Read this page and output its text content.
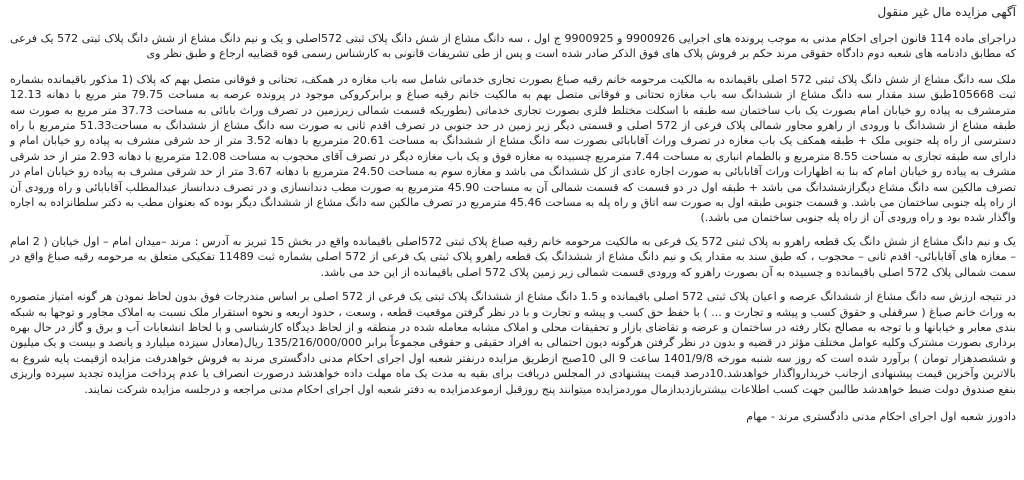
آگهی مزایده مال غیر منقول

دراجرای ماده 114 قانون اجرای احکام مدنی به موجب پرونده های اجرایی 9900926 و 9900925 ج اول ، سه دانگ مشاع از شش دانگ پلاک ثبتی 572اصلی و یک و نیم دانگ مشاع از شش دانگ پلاک ثبتی 572 یک فرعی که مطابق دادنامه های شعبه دوم دادگاه حقوقی مرند حکم بر فروش پلاک های فوق الذکر صادر شده است و پس از طی تشریفات قانونی به کارشناس رسمی قوه قضاییه ارجاع و طبق نظر وی

ملک سه دانگ مشاع از شش دانگ پلاک ثبتی 572 اصلی باقیمانده به مالکیت مرحومه خانم رقیه صباغ بصورت تجاری خدماتی شامل سه باب مغازه در همکف، تحتانی و فوقانی متصل بهم که پلاک (1 مذکور باقیمانده بشماره ثبت 105668طبق سند مقدار سه دانگ مشاع از ششدانگ سه باب مغازه تحتانی و فوقانی متصل بهم به مالکیت خانم رقیه صباغ و برابرکروکی موجود در پرونده عرصه به مساحت 79.75 متر مربع با دهانه 12.13 مترمشرف به پیاده رو خیابان امام بصورت یک باب ساختمان سه طبقه با اسکلت مختلط فلزی بصورت تجاری خدماتی (بطوریکه قسمت شمالی زیرزمین در تصرف وراث بابائی به مساحت 37.73 متر مربع به صورت سه طبقه مشاع از ششدانگ با ورودی از راهرو مجاور شمالی پلاک فرعی از 572 اصلی و قسمتی دیگر زیر زمین در حد جنوبی در تصرف اقدم ثانی به صورت سه دانگ مشاع از ششدانگ به مساحت51.33 مترمربع با راه دسترسی از راه پله جنوبی ملک + طبقه همکف یک باب مغازه در تصرف وراث آقابابائی بصورت سه دانگ مشاع از ششدانگ به مساحت 20.61 مترمربع با دهانه 3.52 متر از حد شرقی مشرف به پیاده رو خیابان امام و دارای سه طبقه تجاری به مساحت 8.55 مترمربع و بالطمام انباری به مساحت 7.44 مترمربع چسبیده به مغازه فوق و یک باب مغازه دیگر در تصرف آقای محجوب به مساحت 12.08 مترمربع با دهانه 2.93 متر از حد شرقی مشرف به پیاده رو خیابان امام که بنا به اظهارات وراث آقابابائی به صورت اجاره عادی از کل ششدانگ می باشد و مغازه سوم به مساحت 24.50 مترمربع با دهانه 3.67 متر از حد شرقی مشرف به پیاده رو خیابان امام در تصرف مالکین سه دانگ مشاع دیگرازششدانگ می باشد + طبقه اول در دو قسمت که قسمت شمالی آن به مساحت 45.90 مترمربع به صورت مطب دندانسازی و در تصرف دندانساز عبدالمطلب آقابابائی و راه ورودی آن از راه پله جنوبی ساختمان می باشد. و قسمت جنوبی طبقه اول به صورت سه اتاق و راه پله به مساحت 45.46 مترمربع در تصرف مالکین سه دانگ مشاع از ششدانگ دیگر بوده که بعنوان مطب به دکتر سلطانزاده به اجاره واگذار شده بود و راه ورودی آن از راه پله جنوبی ساختمان می باشد.)

یک و نیم دانگ مشاع از شش دانگ یک قطعه راهرو به پلاک ثبتی 572 یک فرعی به مالکیت مرحومه خانم رقیه صباغ پلاک ثبتی 572اصلی باقیمانده واقع در بخش 15 تبریز به آدرس : مرند –میدان امام – اول خیابان ( 2 امام – مغازه های آقابابائی- اقدم ثانی – محجوب ، که طبق سند به مقدار یک و نیم دانگ مشاع از ششدانگ یک قطعه راهرو پلاک ثبتی یک فرعی از 572 اصلی بشماره ثبت 11489 تفکیکی متعلق به مرحومه رقیه صباغ واقع در سمت شمالی پلاک 572 اصلی باقیمانده و چسبیده به آن بصورت راهرو که ورودی قسمت شمالی زیر زمین پلاک 572 اصلی باقیمانده از این حد می باشد.

در نتیجه ارزش سه دانگ مشاع از ششدانگ عرصه و اعیان پلاک ثبتی 572 اصلی باقیمانده و 1.5 دانگ مشاع از ششدانگ پلاک ثبتی یک فرعی از 572 اصلی بر اساس مندرجات فوق بدون لحاظ نمودن هر گونه امتیاز متصوره به وراث خانم صباغ ( سرقفلی و حقوق کسب و پیشه و تجارت و ... ) با حفظ حق کسب و پیشه و تجارت و با در نظر گرفتن موقعیت قطعه ، وسعت ، حدود اربعه و نحوه استقرار ملک نسبت به املاک مجاور و توجها به شبکه بندی معابر و خیابانها و با توجه به مصالح بکار رفته در ساختمان و عرضه و تقاضای بازار و تحقیقات محلی و املاک مشابه معامله شده در منطقه و از لحاظ دیدگاه کارشناسی و با لحاظ انشعابات آب و برق و گاز در حال بهره برداری بصورت مشترک وکلیه عوامل مختلف مؤثر در قضیه و بدون در نظر گرفتن هرگونه دیون احتمالی به افراد حقیقی و حقوقی مجموعاً برابر 135/216/000/000 ریال(معادل سیزده میلیارد و پانصد و بیست و یک میلیون و ششصدهزار تومان ) برآورد شده است که روز سه شنبه مورخه 1401/9/8 ساعت 9 الی 10صبح ازطریق مزایده درنفتر شعبه اول اجرای احکام مدنی دادگستری مرند به فروش خواهدرفت مزایده ازقیمت پایه شروع به بالاترین وآخرین قیمت پیشنهادی ازجانب خریدارواگذار خواهدشد.10درصد قیمت پیشنهادی در المجلس دریافت برای بقیه به مدت یک ماه مهلت داده خواهدشد درصورت انصراف یا عدم پرداخت مزایده تجدید سپرده واریزی بنفع صندوق دولت ضبط خواهدشد طالبین جهت کسب اطلاعات بیشتربازدیدازمال موردمزایده میتوانند پنج روزقبل ازموعدمزایده به دفتر شعبه اول اجرای احکام مدنی مراجعه و درجلسه مزایده شرکت نمایند.

دادورز شعبه اول اجرای احکام مدنی دادگستری مرند - مهام
